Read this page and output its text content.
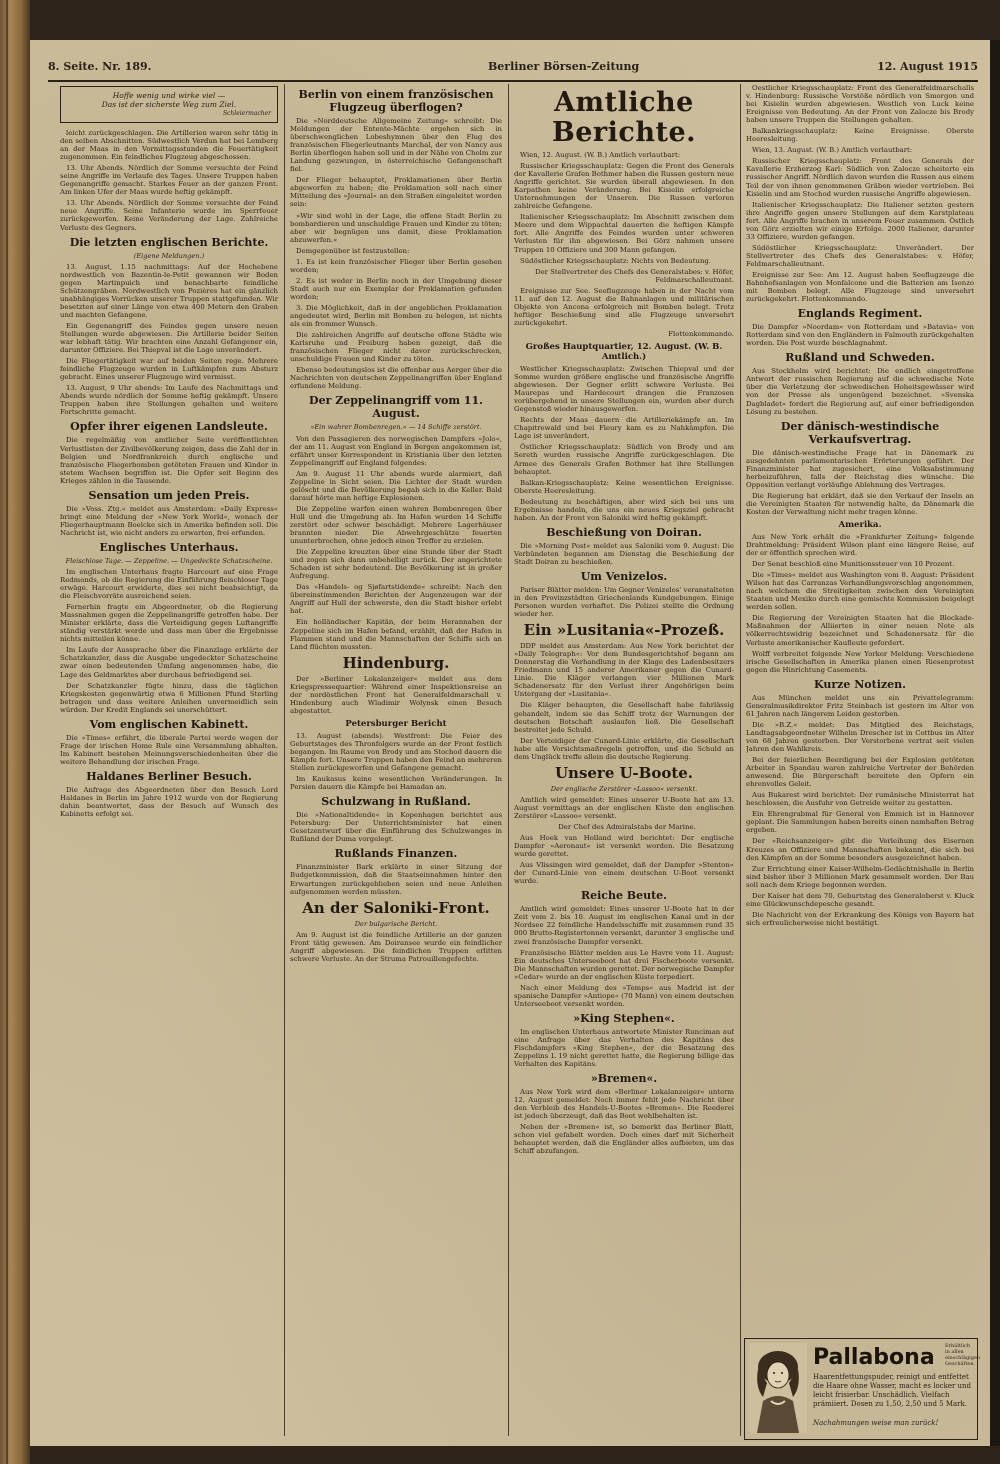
8. Seite. Nr. 189.	Berliner Börsen-Zeitung	12. August 1915
Hoffe wenig und wirke viel —
Das ist der sicherste Weg zum Ziel.
Schleiermacher

leicht zurückgeschlagen. Die Artillerien waren sehr tätig in den selben Abschnitten. Südwestlich Verdun hat bei Lemberg an der Maas in den Vormittagsstunden die Feuertätigkeit zugenommen. Ein feindliches Flugzeug abgeschossen.

13. Uhr Abends. Nördlich der Somme versuchte der Feind seine Angriffe im Verlaufe des Tages. Unsere Truppen haben Gegenangriffe gemacht. Starkes Feuer an der ganzen Front. Am linken Ufer der Maas wurde heftig gekämpft.

13. Uhr Abends. Nördlich der Somme versuchte der Feind neue Angriffe. Seine Infanterie wurde im Sperrfeuer zurückgeworfen. Keine Veränderung der Lage. Zahlreiche Verluste des Gegners.

Die letzten englischen Berichte.
(Eigene Meldungen.)

13. August, 1.15 nachmittags: Auf der Hochebene nordwestlich von Bazentin-le-Petit gewannen wir Boden gegen Martinpuich und benachbarte feindliche Schützengräben. Nordwestlich von Pozières hat ein gänzlich unabhängiges Vorrücken unserer Truppen stattgefunden. Wir besetzten auf einer Länge von etwa 400 Metern den Graben und machten Gefangene.

Ein Gegenangriff des Feindes gegen unsere neuen Stellungen wurde abgewiesen. Die Artillerie beider Seiten war lebhaft tätig. Wir brachten eine Anzahl Gefangener ein, darunter Offiziere. Bei Thiepval ist die Lage unverändert.

Die Fliegertätigkeit war auf beiden Seiten rege. Mehrere feindliche Flugzeuge wurden in Luftkämpfen zum Absturz gebracht. Eines unserer Flugzeuge wird vermisst.

13. August, 9 Uhr abends: Im Laufe des Nachmittags und Abends wurde nördlich der Somme heftig gekämpft. Unsere Truppen haben ihre Stellungen gehalten und weitere Fortschritte gemacht.

Opfer ihrer eigenen Landsleute.

Die regelmäßig von amtlicher Seite veröffentlichten Verlustlisten der Zivilbevölkerung zeigen, dass die Zahl der in Belgien und Nordfrankreich durch englische und französische Fliegerbomben getöteten Frauen und Kinder in stetem Wachsen begriffen ist. Die Opfer seit Beginn des Krieges zählen in die Tausende.

Sensation um jeden Preis.

Die »Voss. Ztg.« meldet aus Amsterdam: »Daily Express« bringt eine Meldung der »New York World«, wonach der Fliegerhauptmann Boelcke sich in Amerika befinden soll. Die Nachricht ist, wie nicht anders zu erwarten, frei erfunden.

Englisches Unterhaus.
Fleischlose Tage. — Zeppeline. — Ungedeckte Schatzscheine.

Im englischen Unterhaus fragte Harcourt auf eine Frage Redmonds, ob die Regierung die Einführung fleischloser Tage erwäge. Harcourt erwiderte, dies sei nicht beabsichtigt, da die Fleischvorräte ausreichend seien.

Fernerhin fragte ein Abgeordneter, ob die Regierung Massnahmen gegen die Zeppelinangriffe getroffen habe. Der Minister erklärte, dass die Verteidigung gegen Luftangriffe ständig verstärkt werde und dass man über die Ergebnisse nichts mitteilen könne.

Im Laufe der Aussprache über die Finanzlage erklärte der Schatzkanzler, dass die Ausgabe ungedeckter Schatzscheine zwar einen bedeutenden Umfang angenommen habe, die Lage des Geldmarktes aber durchaus befriedigend sei.

Der Schatzkanzler fügte hinzu, dass die täglichen Kriegskosten gegenwärtig etwa 6 Millionen Pfund Sterling betragen und dass weitere Anleihen unvermeidlich sein würden. Der Kredit Englands sei unerschüttert.

Vom englischen Kabinett.

Die »Times« erfährt, die liberale Partei werde wegen der Frage der irischen Home Rule eine Versammlung abhalten. Im Kabinett bestehen Meinungsverschiedenheiten über die weitere Behandlung der irischen Frage.

Haldanes Berliner Besuch.

Die Anfrage des Abgeordneten über den Besuch Lord Haldanes in Berlin im Jahre 1912 wurde von der Regierung dahin beantwortet, dass der Besuch auf Wunsch des Kabinetts erfolgt sei.

Berlin von einem französischen Flugzeug überflogen?

Die »Norddeutsche Allgemeine Zeitung« schreibt: Die Meldungen der Entente-Mächte ergehen sich in überschwenglichen Lobeshymnen über den Flug des französischen Fliegerleutnants Marchal, der von Nancy aus Berlin überflogen haben soll und in der Nähe von Cholm zur Landung gezwungen, in österreichische Gefangenschaft fiel.

Der Flieger behauptet, Proklamationen über Berlin abgeworfen zu haben; die Proklamation soll nach einer Mitteilung des »Journal« an den Straßen eingeleitet worden sein:

»Wir sind wohl in der Lage, die offene Stadt Berlin zu bombardieren und unschuldige Frauen und Kinder zu töten; aber wir begnügen uns damit, diese Proklamation abzuwerfen.«

Demgegenüber ist festzustellen:

1. Es ist kein französischer Flieger über Berlin gesehen worden;

2. Es ist weder in Berlin noch in der Umgebung dieser Stadt auch nur ein Exemplar der Proklamation gefunden worden;

3. Die Möglichkeit, daß in der angeblichen Proklamation angedeutet wird, Berlin mit Bomben zu belegen, ist nichts als ein frommer Wunsch.

Die zahlreichen Angriffe auf deutsche offene Städte wie Karlsruhe und Freiburg haben gezeigt, daß die französischen Flieger nicht davor zurückschrecken, unschuldige Frauen und Kinder zu töten.

Ebenso bedeutungslos ist die offenbar aus Aerger über die Nachrichten von deutschen Zeppelinangriffen über England erfundene Meldung.

Der Zeppelinangriff vom 11. August.
»Ein wahrer Bombenregen.« — 14 Schiffe zerstört.

Von den Passagieren des norwegischen Dampfers »Jolo«, der am 11. August von England in Bergen angekommen ist, erfährt unser Korrespondent in Kristiania über den letzten Zeppelinangriff auf England folgendes:

Am 9. August 11 Uhr abends wurde alarmiert, daß Zeppeline in Sicht seien. Die Lichter der Stadt wurden gelöscht und die Bevölkerung begab sich in die Keller. Bald darauf hörte man heftige Explosionen.

Die Zeppeline warfen einen wahren Bombenregen über Hull und die Umgebung ab. Im Hafen wurden 14 Schiffe zerstört oder schwer beschädigt. Mehrere Lagerhäuser brannten nieder. Die Abwehrgeschütze feuerten ununterbrochen, ohne jedoch einen Treffer zu erzielen.

Die Zeppeline kreuzten über eine Stunde über der Stadt und zogen sich dann unbehelligt zurück. Der angerichtete Schaden ist sehr bedeutend. Die Bevölkerung ist in großer Aufregung.

Das »Handels- og Sjøfartstidende« schreibt: Nach den übereinstimmenden Berichten der Augenzeugen war der Angriff auf Hull der schwerste, den die Stadt bisher erlebt hat.

Ein holländischer Kapitän, der beim Herannahen der Zeppeline sich im Hafen befand, erzählt, daß der Hafen in Flammen stand und die Mannschaften der Schiffe sich an Land flüchten mussten.

Hindenburg.

Der »Berliner Lokalanzeiger« meldet aus dem Kriegspressequartier: Während einer Inspektionsreise an der nordöstlichen Front hat Generalfeldmarschall v. Hindenburg auch Wladimir Wolynsk einen Besuch abgestattet.

Petersburger Bericht

13. August (abends). Westfront: Die Feier des Geburtstages des Thronfolgers wurde an der Front festlich begangen. Im Raume von Brody und am Stochod dauern die Kämpfe fort. Unsere Truppen haben den Feind an mehreren Stellen zurückgeworfen und Gefangene gemacht.

Im Kaukasus keine wesentlichen Veränderungen. In Persien dauern die Kämpfe bei Hamadan an.

Schulzwang in Rußland.

Die »Nationaltidende« in Kopenhagen berichtet aus Petersburg: Der Unterrichtsminister hat einen Gesetzentwurf über die Einführung des Schulzwanges in Rußland der Duma vorgelegt.

Rußlands Finanzen.

Finanzminister Bark erklärte in einer Sitzung der Budgetkommission, daß die Staatseinnahmen hinter den Erwartungen zurückgeblieben seien und neue Anleihen aufgenommen werden müssten.

An der Saloniki-Front.
Der bulgarische Bericht.

Am 9. August ist die feindliche Artillerie an der ganzen Front tätig gewesen. Am Doiransee wurde ein feindlicher Angriff abgewiesen. Die feindlichen Truppen erlitten schwere Verluste. An der Struma Patrouillengefechte.

Amtliche Berichte.

Wien, 12. August. (W. B.) Amtlich verlautbart:

Russischer Kriegsschauplatz: Gegen die Front des Generals der Kavallerie Grafen Bothmer haben die Russen gestern neue Angriffe gerichtet. Sie wurden überall abgewiesen. In den Karpathen keine Veränderung. Bei Kisielin erfolgreiche Unternehmungen der Unseren. Die Russen verloren zahlreiche Gefangene.

Italienischer Kriegsschauplatz: Im Abschnitt zwischen dem Meere und dem Wippachtal dauerten die heftigen Kämpfe fort. Alle Angriffe des Feindes wurden unter schweren Verlusten für ihn abgewiesen. Bei Görz nahmen unsere Truppen 10 Offiziere und 300 Mann gefangen.

Südöstlicher Kriegsschauplatz: Nichts von Bedeutung.

Der Stellvertreter des Chefs des Generalstabes: v. Höfer, Feldmarschalleutnant.

Ereignisse zur See. Seeflugzeuge haben in der Nacht vom 11. auf den 12. August die Bahnanlagen und militärischen Objekte von Ancona erfolgreich mit Bomben belegt. Trotz heftiger Beschießung sind alle Flugzeuge unversehrt zurückgekehrt.

Flottenkommando.

Großes Hauptquartier, 12. August. (W. B. Amtlich.)

Westlicher Kriegsschauplatz: Zwischen Thiepval und der Somme wurden größere englische und französische Angriffe abgewiesen. Der Gegner erlitt schwere Verluste. Bei Maurepas und Hardecourt drangen die Franzosen vorübergehend in unsere Stellungen ein, wurden aber durch Gegenstoß wieder hinausgeworfen.

Rechts der Maas dauern die Artilleriekämpfe an. Im Chapitrewald und bei Fleury kam es zu Nahkämpfen. Die Lage ist unverändert.

Östlicher Kriegsschauplatz: Südlich von Brody und am Sereth wurden russische Angriffe zurückgeschlagen. Die Armee des Generals Grafen Bothmer hat ihre Stellungen behauptet.

Balkan-Kriegsschauplatz: Keine wesentlichen Ereignisse. Oberste Heeresleitung.

Bedeutung zu beschäftigen, aber wird sich bei uns um Ergebnisse handeln, die uns ein neues Kriegsziel gebracht haben. An der Front von Saloniki wird heftig gekämpft.

Beschießung von Doiran.

Die »Morning Post« meldet aus Saloniki vom 9. August: Die Verbündeten begannen am Dienstag die Beschießung der Stadt Doiran zu beschießen.

Um Venizelos.

Pariser Blätter melden: Um Gegner Venizelos' veranstalteten in den Provinzstädten Griechenlands Kundgebungen. Einige Personen wurden verhaftet. Die Polizei stellte die Ordnung wieder her.

Ein »Lusitania«-Prozeß.

DDP meldet aus Amsterdam: Aus New York berichtet der »Daily Telegraph«: Vor dem Bundesgerichtshof begann am Donnerstag die Verhandlung in der Klage des Ladenbesitzers Friedmann und 15 anderer Amerikaner gegen die Cunard-Linie. Die Kläger verlangen vier Millionen Mark Schadenersatz für den Verlust ihrer Angehörigen beim Untergang der »Lusitania«.

Die Kläger behaupten, die Gesellschaft habe fahrlässig gehandelt, indem sie das Schiff trotz der Warnungen der deutschen Botschaft auslaufen ließ. Die Gesellschaft bestreitet jede Schuld.

Der Verteidiger der Cunard-Linie erklärte, die Gesellschaft habe alle Vorsichtsmaßregeln getroffen, und die Schuld an dem Unglück treffe allein die deutsche Regierung.

Unsere U-Boote.
Der englische Zerstörer »Lassoo« versenkt.

Amtlich wird gemeldet: Eines unserer U-Boote hat am 13. August vormittags an der englischen Küste den englischen Zerstörer »Lassoo« versenkt.

Der Chef des Admiralstabs der Marine.

Aus Hoek van Holland wird berichtet: Der englische Dampfer »Aeronaut« ist versenkt worden. Die Besatzung wurde gerettet.

Aus Vlissingen wird gemeldet, daß der Dampfer »Stenton« der Cunard-Linie von einem deutschen U-Boot versenkt wurde.

Reiche Beute.

Amtlich wird gemeldet: Eines unserer U-Boote hat in der Zeit vom 2. bis 10. August im englischen Kanal und in der Nordsee 22 feindliche Handelsschiffe mit zusammen rund 35 000 Brutto-Registertonnen versenkt, darunter 3 englische und zwei französische Dampfer versenkt.

Französische Blätter melden aus Le Havre vom 11. August: Ein deutsches Unterseeboot hat drei Fischerboote versenkt. Die Mannschaften wurden gerettet. Der norwegische Dampfer »Cedar« wurde an der englischen Küste torpediert.

Nach einer Meldung des »Temps« aus Madrid ist der spanische Dampfer »Antiope« (70 Mann) von einem deutschen Unterseeboot versenkt worden.

»King Stephen«.

Im englischen Unterhaus antwortete Minister Runciman auf eine Anfrage über das Verhalten des Kapitäns des Fischdampfers »King Stephen«, der die Besatzung des Zeppelins L 19 nicht gerettet hatte, die Regierung billige das Verhalten des Kapitäns.

»Bremen«.

Aus New York wird dem »Berliner Lokalanzeiger« unterm 12. August gemeldet: Noch immer fehlt jede Nachricht über den Verbleib des Handels-U-Bootes »Bremen«. Die Reederei ist jedoch überzeugt, daß das Boot wohlbehalten ist.

Neben der »Bremen« ist, so bemerkt das Berliner Blatt, schon viel gefabelt worden. Doch eines darf mit Sicherheit behauptet werden, daß die Engländer alles aufbieten, um das Schiff abzufangen.

Oestlicher Kriegsschauplatz: Front des Generalfeldmarschalls v. Hindenburg: Russische Vorstöße nördlich von Smorgon und bei Kisielin wurden abgewiesen. Westlich von Luck keine Ereignisse von Bedeutung. An der Front von Zalocze bis Brody haben unsere Truppen die Stellungen gehalten.

Balkankriegsschauplatz: Keine Ereignisse. Oberste Heeresleitung.

Wien, 13. August. (W. B.) Amtlich verlautbart:

Russischer Kriegsschauplatz: Front des Generals der Kavallerie Erzherzog Karl: Südlich von Zalocze scheiterte ein russischer Angriff. Nördlich davon wurden die Russen aus einem Teil der von ihnen genommenen Gräben wieder vertrieben. Bei Kisielin und am Stochod wurden russische Angriffe abgewiesen.

Italienischer Kriegsschauplatz: Die Italiener setzten gestern ihre Angriffe gegen unsere Stellungen auf dem Karstplateau fort. Alle Angriffe brachen in unserem Feuer zusammen. Östlich von Görz erzielten wir einige Erfolge. 2000 Italiener, darunter 33 Offiziere, wurden gefangen.

Südöstlicher Kriegsschauplatz: Unverändert. Der Stellvertreter des Chefs des Generalstabes: v. Höfer, Feldmarschalleutnant.

Ereignisse zur See: Am 12. August haben Seeflugzeuge die Bahnhofsanlagen von Monfalcone und die Batterien am Isonzo mit Bomben belegt. Alle Flugzeuge sind unversehrt zurückgekehrt. Flottenkommando.

Englands Regiment.

Die Dampfer »Noordam« von Rotterdam und »Batavia« von Rotterdam sind von den Engländern in Falmouth zurückgehalten worden. Die Post wurde beschlagnahmt.

Rußland und Schweden.

Aus Stockholm wird berichtet: Die endlich eingetroffene Antwort der russischen Regierung auf die schwedische Note über die Verletzung der schwedischen Hoheitsgewässer wird von der Presse als ungenügend bezeichnet. »Svenska Dagbladet« fordert die Regierung auf, auf einer befriedigenden Lösung zu bestehen.

Der dänisch-westindische Verkaufsvertrag.

Die dänisch-westindische Frage hat in Dänemark zu ausgedehnten parlamentarischen Erörterungen geführt. Der Finanzminister hat zugesichert, eine Volksabstimmung herbeizuführen, falls der Reichstag dies wünsche. Die Opposition verlangt vorläufige Ablehnung des Vertrages.

Die Regierung hat erklärt, daß sie den Verkauf der Inseln an die Vereinigten Staaten für notwendig halte, da Dänemark die Kosten der Verwaltung nicht mehr tragen könne.

Amerika.

Aus New York erhält die »Frankfurter Zeitung« folgende Drahtmeldung: Präsident Wilson plant eine längere Reise, auf der er öffentlich sprechen wird.

Der Senat beschloß eine Munitionssteuer von 10 Prozent.

Die »Times« meldet aus Washington vom 8. August: Präsident Wilson hat das Carranzas Verhandlungsvorschlag angenommen, nach welchem die Streitigkeiten zwischen den Vereinigten Staaten und Mexiko durch eine gemischte Kommission beigelegt werden sollen.

Die Regierung der Vereinigten Staaten hat die Blockade-Maßnahmen der Alliierten in einer neuen Note als völkerrechtswidrig bezeichnet und Schadenersatz für die Verluste amerikanischer Kaufleute gefordert.

Wolff verbreitet folgende New Yorker Meldung: Verschiedene irische Gesellschaften in Amerika planen einen Riesenprotest gegen die Hinrichtung Casements.

Kurze Notizen.

Aus München meldet uns ein Privattelegramm: Generalmusikdirektor Fritz Steinbach ist gestern im Alter von 61 Jahren nach längerem Leiden gestorben.

Die »B.Z.« meldet: Das Mitglied des Reichstags, Landtagsabgeordneter Wilhelm Drescher ist in Cottbus im Alter von 68 Jahren gestorben. Der Verstorbene vertrat seit vielen Jahren den Wahlkreis.

Bei der feierlichen Beerdigung bei der Explosion getöteten Arbeiter in Spandau waren zahlreiche Vertreter der Behörden anwesend. Die Bürgerschaft bereitete den Opfern ein ehrenvolles Geleit.

Aus Bukarest wird berichtet: Der rumänische Ministerrat hat beschlossen, die Ausfuhr von Getreide weiter zu gestatten.

Ein Ehrengrabmal für General von Emmich ist in Hannover geplant. Die Sammlungen haben bereits einen namhaften Betrag ergeben.

Der »Reichsanzeiger« gibt die Verleihung des Eisernen Kreuzes an Offiziere und Mannschaften bekannt, die sich bei den Kämpfen an der Somme besonders ausgezeichnet haben.

Zur Errichtung einer Kaiser-Wilhelm-Gedächtnishalle in Berlin sind bisher über 3 Millionen Mark gesammelt worden. Der Bau soll nach dem Kriege begonnen werden.

Der Kaiser hat dem 70. Geburtstag des Generaloberst v. Kluck eine Glückwunschdepesche gesandt.

Die Nachricht von der Erkrankung des Königs von Bayern hat sich erfreulicherweise nicht bestätigt.

Pallabona
Haarentfettungspuder, reinigt und entfettet die Haare ohne Wasser, macht es locker und leicht frisierbar. Unschädlich. Vielfach prämiiert. Dosen zu 1,50, 2,50 und 5 Mark.
Nachahmungen weise man zurück!
Erhältlich in allen einschlägigen Geschäften.
